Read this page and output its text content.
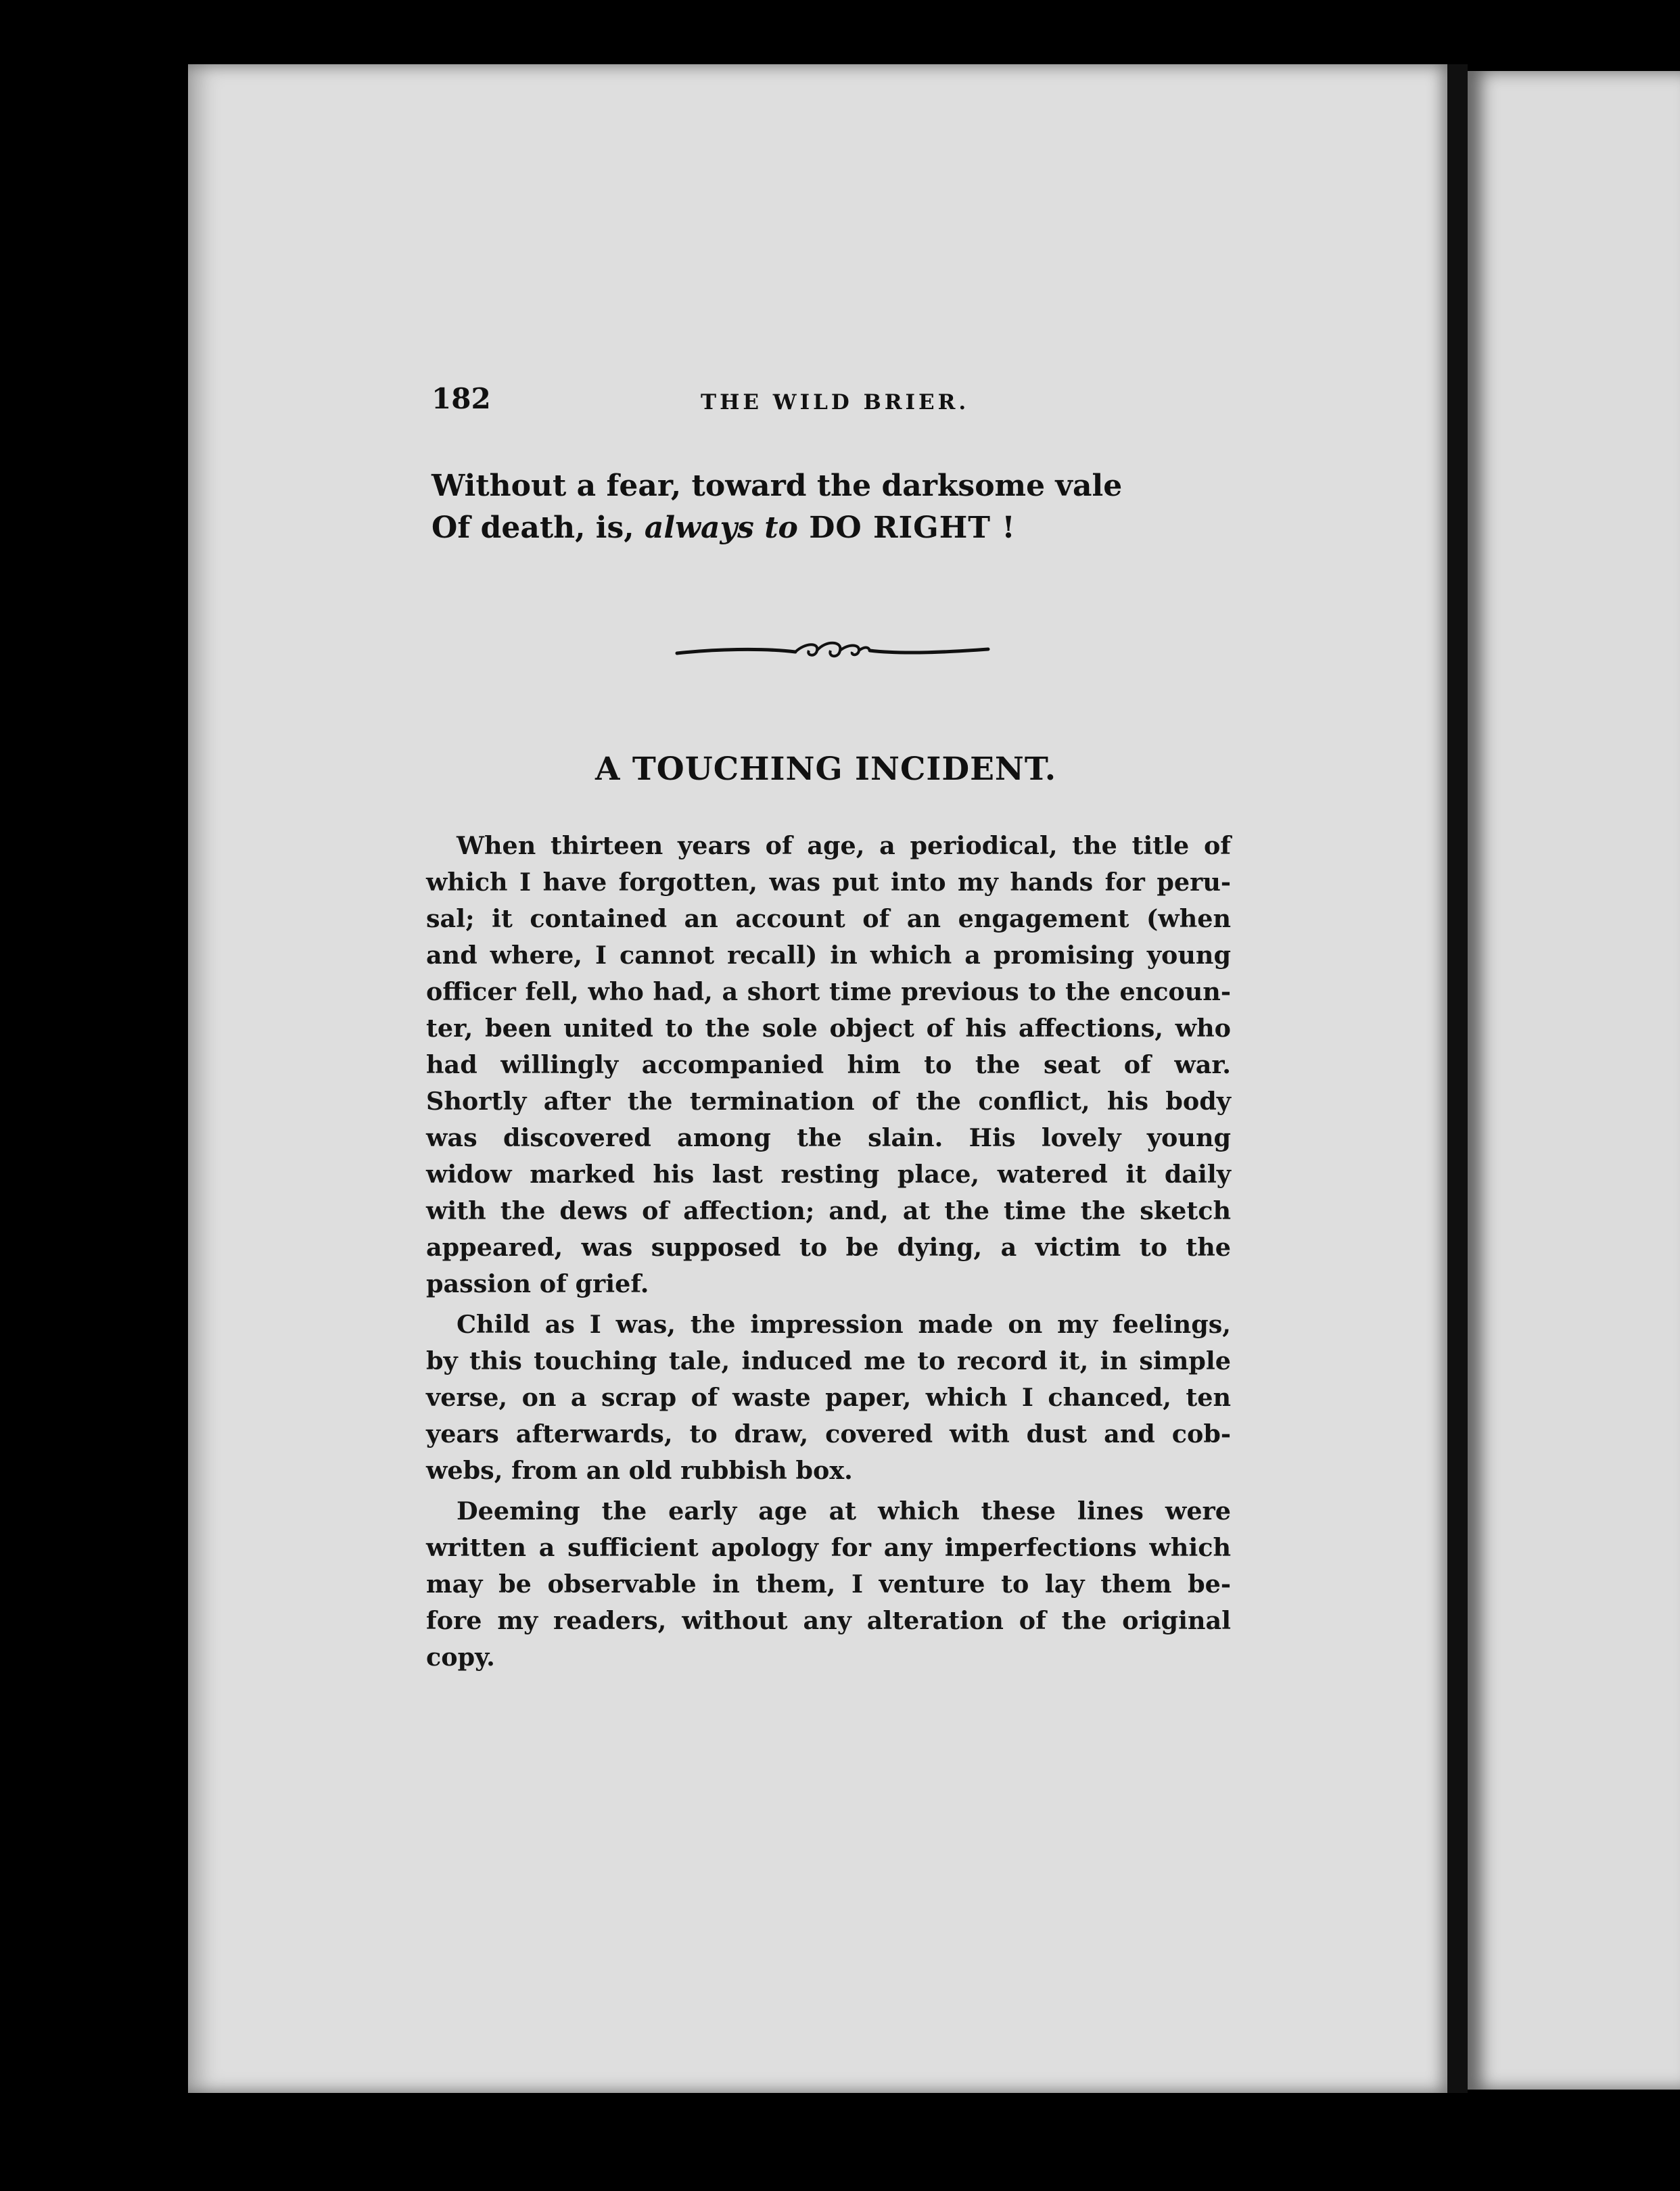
182	THE WILD BRIER.
Without a fear, toward the darksome vale
Of death, is, always to DO RIGHT !
A TOUCHING INCIDENT.
When thirteen years of age, a periodical, the title of
which I have forgotten, was put into my hands for peru-
sal; it contained an account of an engagement (when
and where, I cannot recall) in which a promising young
officer fell, who had, a short time previous to the encoun-
ter, been united to the sole object of his affections, who
had willingly accompanied him to the seat of war.
Shortly after the termination of the conflict, his body
was discovered among the slain. His lovely young
widow marked his last resting place, watered it daily
with the dews of affection; and, at the time the sketch
appeared, was supposed to be dying, a victim to the
passion of grief.
Child as I was, the impression made on my feelings,
by this touching tale, induced me to record it, in simple
verse, on a scrap of waste paper, which I chanced, ten
years afterwards, to draw, covered with dust and cob-
webs, from an old rubbish box.
Deeming the early age at which these lines were
written a sufficient apology for any imperfections which
may be observable in them, I venture to lay them be-
fore my readers, without any alteration of the original
copy.
